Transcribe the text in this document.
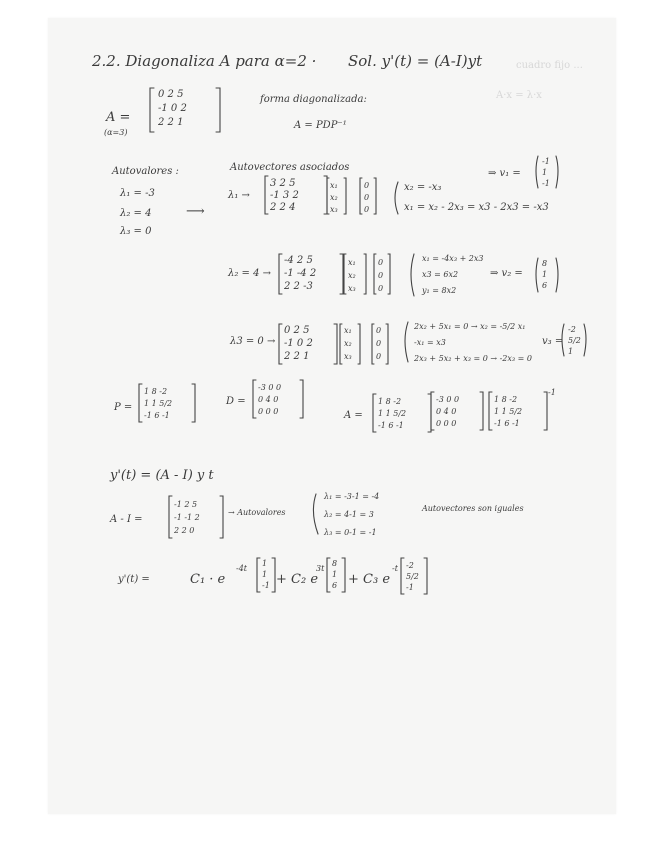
cuadro fijo ...
A·x = λ·x
2.2. Diagonaliza A para α=2 · Sol. y'(t) = (A-I)yt
A =
(α=3)
0 2 5
-1 0 2
2 2 1
forma diagonalizada:
A = PDP⁻¹
Autovalores :
λ₁ = -3
λ₂ = 4
λ₃ = 0
⟶
Autovectores asociados
λ₁ →
3 2 5
-1 3 2
2 2 4
x₁
x₂
x₃
0
0
0
x₂ = -x₃
x₁ = x₂ - 2x₃ = x3 - 2x3 = -x3
⇒ v₁ =
-1
1
-1
λ₂ = 4 →
-4 2 5
-1 -4 2
2 2 -3
x₁
x₂
x₃
0
0
0
x₁ = -4x₃ + 2x3
x3 = 6x2
y₁ = 8x2
⇒ v₂ =
8
1
6
λ3 = 0 →
0 2 5
-1 0 2
2 2 1
x₁
x₂
x₃
0
0
0
2x₂ + 5x₁ = 0 → x₂ = -5/2 x₁
-x₁ = x3
2x₃ + 5x₂ + x₃ = 0 → -2x₃ = 0
v₃ =
-2
5/2
1
P =
1 8 -2
1 1 5/2
-1 6 -1
D =
-3 0 0
0 4 0
0 0 0	A =
1 8 -2
1 1 5/2
-1 6 -1
-3 0 0
0 4 0
0 0 0
1 8 -2
1 1 5/2
-1 6 -1
-1
y'(t) = (A - I) y t
A - I =
-1 2 5
-1 -1 2
2 2 0
→ Autovalores
λ₁ = -3-1 = -4
λ₂ = 4-1 = 3
λ₃ = 0-1 = -1
Autovectores son iguales
y'(t) =	C₁ · e
-4t
1
1
-1 + C₂ e
3t
8
1
6 + C₃ e
-t -2
5/2
-1
